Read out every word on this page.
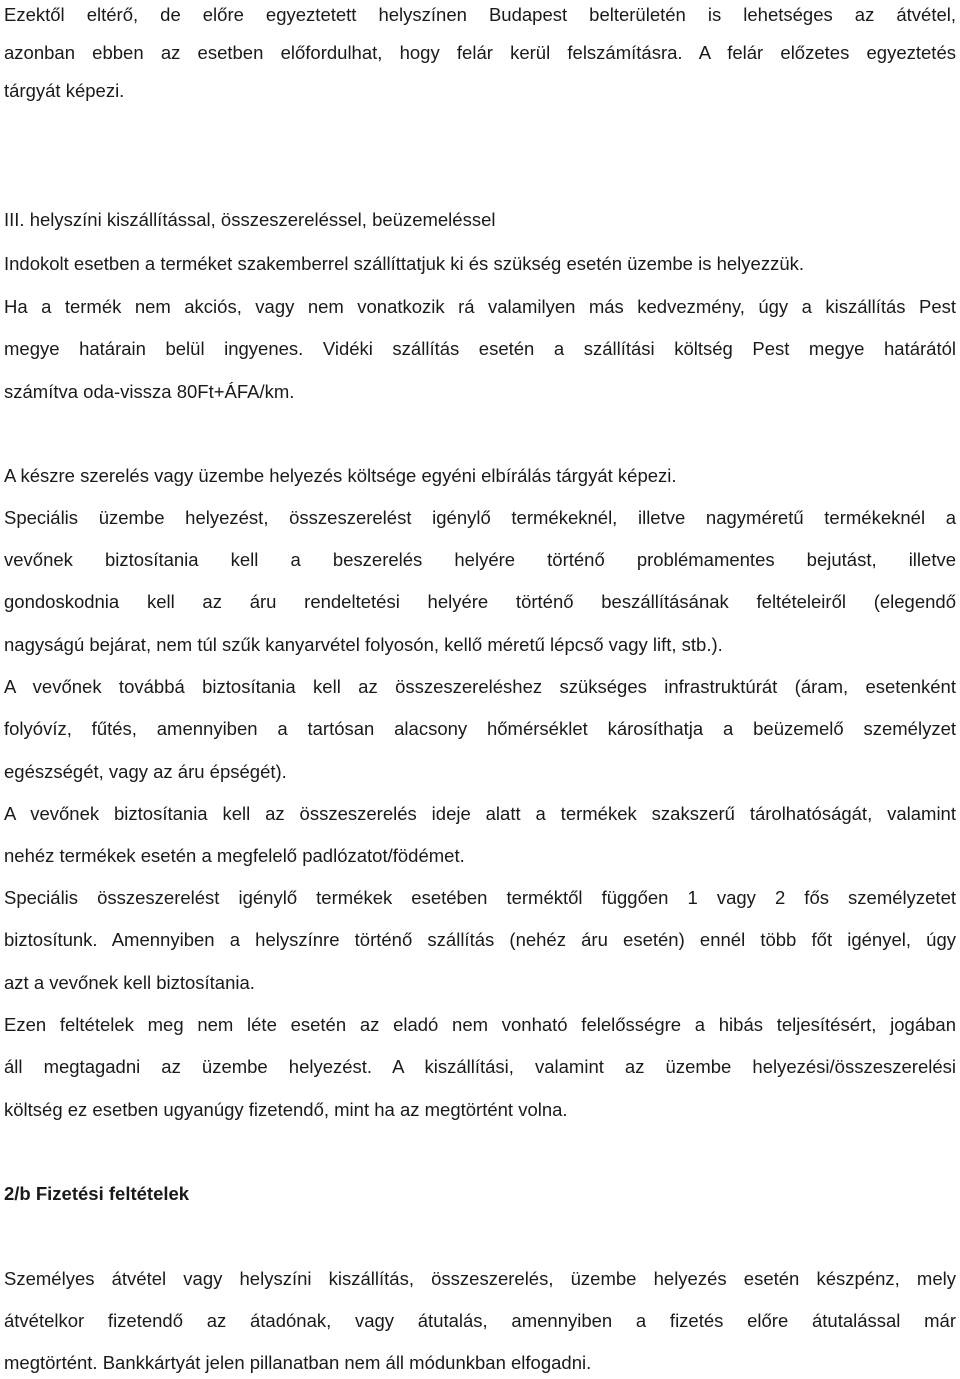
Ezektől eltérő, de előre egyeztetett helyszínen Budapest belterületén is lehetséges az átvétel,
azonban ebben az esetben előfordulhat, hogy felár kerül felszámításra. A felár előzetes egyeztetés
tárgyát képezi.
III. helyszíni kiszállítással, összeszereléssel, beüzemeléssel
Indokolt esetben a terméket szakemberrel szállíttatjuk ki és szükség esetén üzembe is helyezzük.
Ha a termék nem akciós, vagy nem vonatkozik rá valamilyen más kedvezmény, úgy a kiszállítás Pest
megye határain belül ingyenes. Vidéki szállítás esetén a szállítási költség Pest megye határától
számítva oda-vissza 80Ft+ÁFA/km.
A készre szerelés vagy üzembe helyezés költsége egyéni elbírálás tárgyát képezi.
Speciális üzembe helyezést, összeszerelést igénylő termékeknél, illetve nagyméretű termékeknél a
vevőnek biztosítania kell a beszerelés helyére történő problémamentes bejutást, illetve
gondoskodnia kell az áru rendeltetési helyére történő beszállításának feltételeiről (elegendő
nagyságú bejárat, nem túl szűk kanyarvétel folyosón, kellő méretű lépcső vagy lift, stb.).
A vevőnek továbbá biztosítania kell az összeszereléshez szükséges infrastruktúrát (áram, esetenként
folyóvíz, fűtés, amennyiben a tartósan alacsony hőmérséklet károsíthatja a beüzemelő személyzet
egészségét, vagy az áru épségét).
A vevőnek biztosítania kell az összeszerelés ideje alatt a termékek szakszerű tárolhatóságát, valamint
nehéz termékek esetén a megfelelő padlózatot/födémet.
Speciális összeszerelést igénylő termékek esetében terméktől függően 1 vagy 2 fős személyzetet
biztosítunk. Amennyiben a helyszínre történő szállítás (nehéz áru esetén) ennél több főt igényel, úgy
azt a vevőnek kell biztosítania.
Ezen feltételek meg nem léte esetén az eladó nem vonható felelősségre a hibás teljesítésért, jogában
áll megtagadni az üzembe helyezést. A kiszállítási, valamint az üzembe helyezési/összeszerelési
költség ez esetben ugyanúgy fizetendő, mint ha az megtörtént volna.
2/b Fizetési feltételek
Személyes átvétel vagy helyszíni kiszállítás, összeszerelés, üzembe helyezés esetén készpénz, mely
átvételkor fizetendő az átadónak, vagy átutalás, amennyiben a fizetés előre átutalással már
megtörtént. Bankkártyát jelen pillanatban nem áll módunkban elfogadni.
